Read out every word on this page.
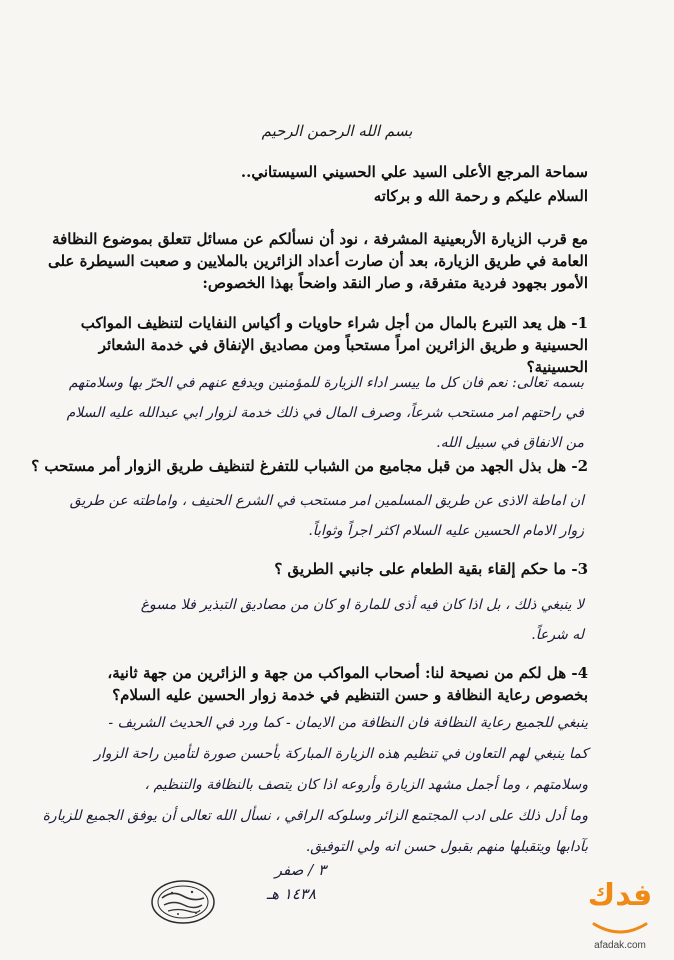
بسم الله الرحمن الرحيم
سماحة المرجع الأعلى السيد علي الحسيني السيستاني..
السلام عليكم و رحمة الله و بركاته
مع قرب الزيارة الأربعينية المشرفة ، نود أن نسألكم عن مسائل تتعلق بموضوع النظافة
العامة في طريق الزيارة، بعد أن صارت أعداد الزائرين بالملايين و صعبت السيطرة على
الأمور بجهود فردية متفرقة، و صار النقد واضحاً بهذا الخصوص:
1- هل يعد التبرع بالمال من أجل شراء حاويات و أكياس النفايات لتنظيف المواكب
الحسينية و طريق الزائرين امراً مستحباً ومن مصاديق الإنفاق في خدمة الشعائر
الحسينية؟
بسمه تعالى: نعم فان كل ما ييسر اداء الزيارة للمؤمنين ويدفع عنهم في الحرّ بها وسلامتهم
في راحتهم امر مستحب شرعاً، وصرف المال في ذلك خدمة لزوار ابي عبدالله عليه السلام
من الانفاق في سبيل الله.
2- هل بذل الجهد من قبل مجاميع من الشباب للتفرغ لتنظيف طريق الزوار أمر مستحب ؟
ان اماطة الاذى عن طريق المسلمين امر مستحب في الشرع الحنيف ، واماطته عن طريق
زوار الامام الحسين عليه السلام اكثر اجراً وثواباً.
3- ما حكم إلقاء بقية الطعام على جانبي الطريق ؟
لا ينبغي ذلك ، بل اذا كان فيه أذى للمارة او كان من مصاديق التبذير فلا مسوغ
له شرعاً.
4- هل لكم من نصيحة لنا: أصحاب المواكب من جهة و الزائرين من جهة ثانية،
بخصوص رعاية النظافة و حسن التنظيم في خدمة زوار الحسين عليه السلام؟
ينبغي للجميع رعاية النظافة فان النظافة من الايمان - كما ورد في الحديث الشريف -
كما ينبغي لهم التعاون في تنظيم هذه الزيارة المباركة بأحسن صورة لتأمين راحة الزوار
وسلامتهم ، وما أجمل مشهد الزيارة وأروعه اذا كان يتصف بالنظافة والتنظيم ،
وما أدل ذلك على ادب المجتمع الزائر وسلوكه الراقي ، نسأل الله تعالى أن يوفق الجميع للزيارة
بآدابها ويتقبلها منهم بقبول حسن انه ولي التوفيق.
٣ / صفر
١٤٣٨ هـ	فدك
afadak.com
